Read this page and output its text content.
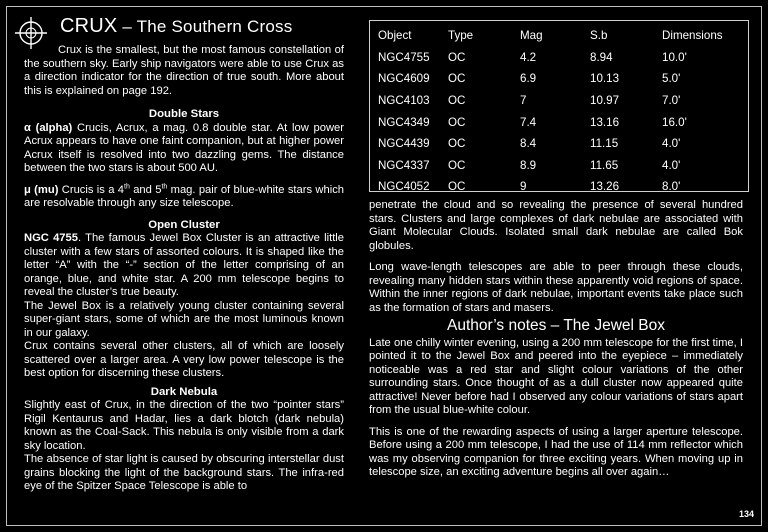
CRUX – The Southern Cross

Crux is the smallest, but the most famous constellation of the southern sky. Early ship navigators were able to use Crux as a direction indicator for the direction of true south. More about this is explained on page 192.

Double Stars

α (alpha) Crucis, Acrux, a mag. 0.8 double star. At low power Acrux appears to have one faint companion, but at higher power Acrux itself is resolved into two dazzling gems. The distance between the two stars is about 500 AU.

μ (mu) Crucis is a 4th and 5th mag. pair of blue-white stars which are resolvable through any size telescope.

Open Cluster

NGC 4755. The famous Jewel Box Cluster is an attractive little cluster with a few stars of assorted colours. It is shaped like the letter “A” with the “-” section of the letter comprising of an orange, blue, and white star. A 200 mm telescope begins to reveal the cluster’s true beauty.

The Jewel Box is a relatively young cluster containing several super-giant stars, some of which are the most luminous known in our galaxy.

Crux contains several other clusters, all of which are loosely scattered over a larger area. A very low power telescope is the best option for discerning these clusters.

Dark Nebula

Slightly east of Crux, in the direction of the two “pointer stars” Rigil Kentaurus and Hadar, lies a dark blotch (dark nebula) known as the Coal-Sack. This nebula is only visible from a dark sky location.

The absence of star light is caused by obscuring interstellar dust grains blocking the light of the background stars. The infra-red eye of the Spitzer Space Telescope is able to

Object	Type	Mag	S.b	Dimensions
NGC4755	OC	4.2	8.94	10.0'
NGC4609	OC	6.9	10.13	5.0'
NGC4103	OC	7	10.97	7.0'
NGC4349	OC	7.4	13.16	16.0'
NGC4439	OC	8.4	11.15	4.0'
NGC4337	OC	8.9	11.65	4.0'
NGC4052	OC	9	13.26	8.0'

penetrate the cloud and so revealing the presence of several hundred stars. Clusters and large complexes of dark nebulae are associated with Giant Molecular Clouds. Isolated small dark nebulae are called Bok globules.

Long wave-length telescopes are able to peer through these clouds, revealing many hidden stars within these apparently void regions of space. Within the inner regions of dark nebulae, important events take place such as the formation of stars and masers.

Author’s notes – The Jewel Box

Late one chilly winter evening, using a 200 mm telescope for the first time, I pointed it to the Jewel Box and peered into the eyepiece – immediately noticeable was a red star and slight colour variations of the other surrounding stars. Once thought of as a dull cluster now appeared quite attractive! Never before had I observed any colour variations of stars apart from the usual blue-white colour.

This is one of the rewarding aspects of using a larger aperture telescope. Before using a 200 mm telescope, I had the use of 114 mm reflector which was my observing companion for three exciting years. When moving up in telescope size, an exciting adventure begins all over again…

134
